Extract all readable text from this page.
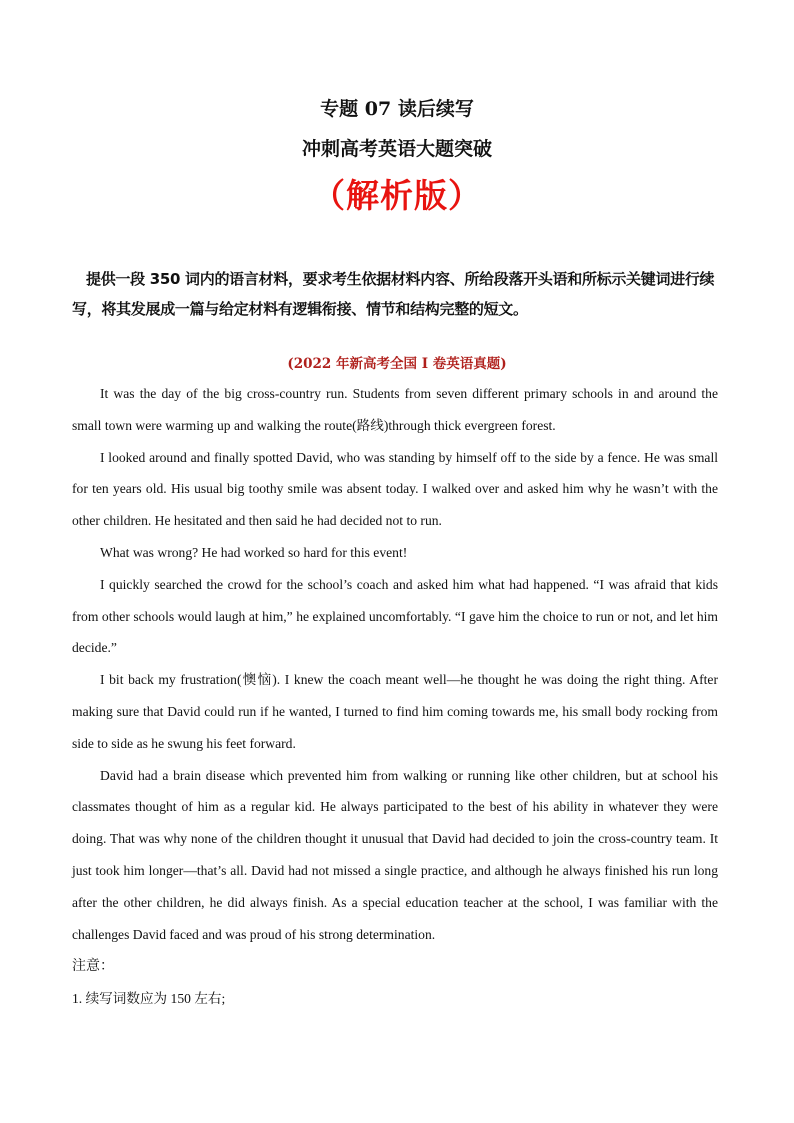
专题 07 读后续写
冲刺高考英语大题突破
（解析版）
提供一段 350 词内的语言材料，要求考生依据材料内容、所给段落开头语和所标示关键词进行续写，将其发展成一篇与给定材料有逻辑衔接、情节和结构完整的短文。
(2022 年新高考全国 I 卷英语真题)

It was the day of the big cross-country run. Students from seven different primary schools in and around the small town were warming up and walking the route(路线)through thick evergreen forest.

I looked around and finally spotted David, who was standing by himself off to the side by a fence. He was small for ten years old. His usual big toothy smile was absent today. I walked over and asked him why he wasn’t with the other children. He hesitated and then said he had decided not to run.

What was wrong? He had worked so hard for this event!

I quickly searched the crowd for the school’s coach and asked him what had happened. “I was afraid that kids from other schools would laugh at him,” he explained uncomfortably. “I gave him the choice to run or not, and let him decide.”

I bit back my frustration(懊恼). I knew the coach meant well—he thought he was doing the right thing. After making sure that David could run if he wanted, I turned to find him coming towards me, his small body rocking from side to side as he swung his feet forward.

David had a brain disease which prevented him from walking or running like other children, but at school his classmates thought of him as a regular kid. He always participated to the best of his ability in whatever they were doing. That was why none of the children thought it unusual that David had decided to join the cross-country team. It just took him longer—that’s all. David had not missed a single practice, and although he always finished his run long after the other children, he did always finish. As a special education teacher at the school, I was familiar with the challenges David faced and was proud of his strong determination.

注意：
1. 续写词数应为 150 左右;
